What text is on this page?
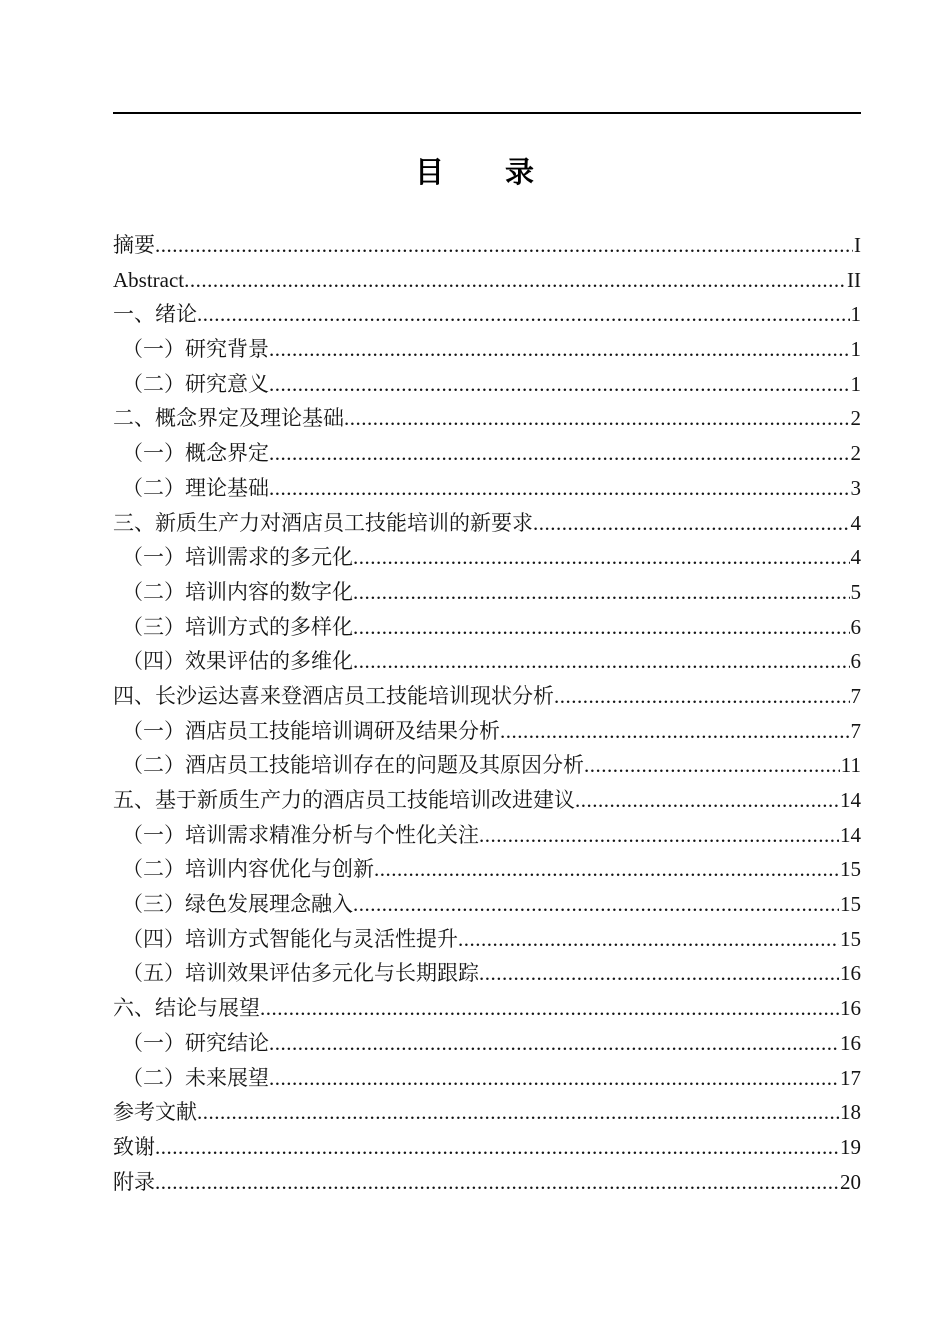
目　　录
摘要 .....	I
Abstract .....	II
一、绪论 .....	1
（一）研究背景 .....	1
（二）研究意义 .....	1
二、概念界定及理论基础 .....	2
（一）概念界定 .....	2
（二）理论基础 .....	3
三、新质生产力对酒店员工技能培训的新要求 .....	4
（一）培训需求的多元化 .....	4
（二）培训内容的数字化 .....	5
（三）培训方式的多样化 .....	6
（四）效果评估的多维化 .....	6
四、长沙运达喜来登酒店员工技能培训现状分析 .....	7
（一）酒店员工技能培训调研及结果分析 .....	7
（二）酒店员工技能培训存在的问题及其原因分析 .....	11
五、基于新质生产力的酒店员工技能培训改进建议 .....	14
（一）培训需求精准分析与个性化关注 .....	14
（二）培训内容优化与创新 .....	15
（三）绿色发展理念融入 .....	15
（四）培训方式智能化与灵活性提升 .....	15
（五）培训效果评估多元化与长期跟踪 .....	16
六、结论与展望 .....	16
（一）研究结论 .....	16
（二）未来展望 .....	17
参考文献 .....	18
致谢 .....	19
附录 .....	20
